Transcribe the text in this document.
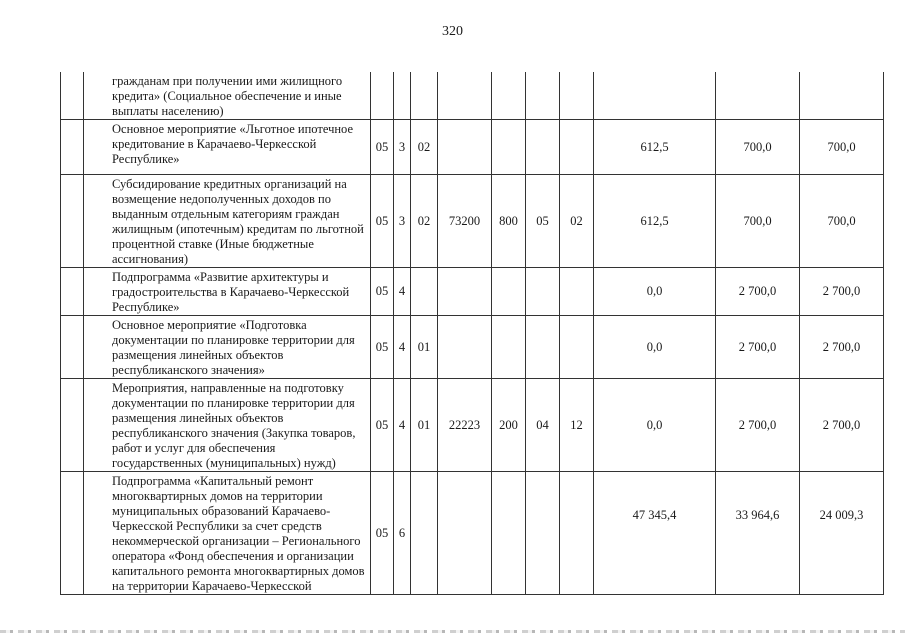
320
	гражданам при получении ими жилищного кредита» (Социальное обеспечение и иные выплаты населению)										
	Основное мероприятие «Льготное ипотечное кредитование в Карачаево-Черкесской Республике»	05	3	02					612,5	700,0	700,0
	Субсидирование кредитных организаций на возмещение недополученных доходов по выданным отдельным категориям граждан жилищным (ипотечным) кредитам по льготной процентной ставке (Иные бюджетные ассигнования)	05	3	02	73200	800	05	02	612,5	700,0	700,0
	Подпрограмма «Развитие архитектуры и градостроительства в Карачаево-Черкесской Республике»	05	4						0,0	2 700,0	2 700,0
	Основное мероприятие «Подготовка документации по планировке территории для размещения линейных объектов республиканского значения»	05	4	01					0,0	2 700,0	2 700,0
	Мероприятия, направленные на подготовку документации по планировке территории для размещения линейных объектов республиканского значения (Закупка товаров, работ и услуг для обеспечения государственных (муниципальных) нужд)	05	4	01	22223	200	04	12	0,0	2 700,0	2 700,0
	Подпрограмма «Капитальный ремонт многоквартирных домов на территории муниципальных образований Карачаево-Черкесской Республики за счет средств некоммерческой организации – Регионального оператора «Фонд обеспечения и организации капитального ремонта многоквартирных домов на территории Карачаево-Черкесской	05	6						47 345,4	33 964,6	24 009,3
